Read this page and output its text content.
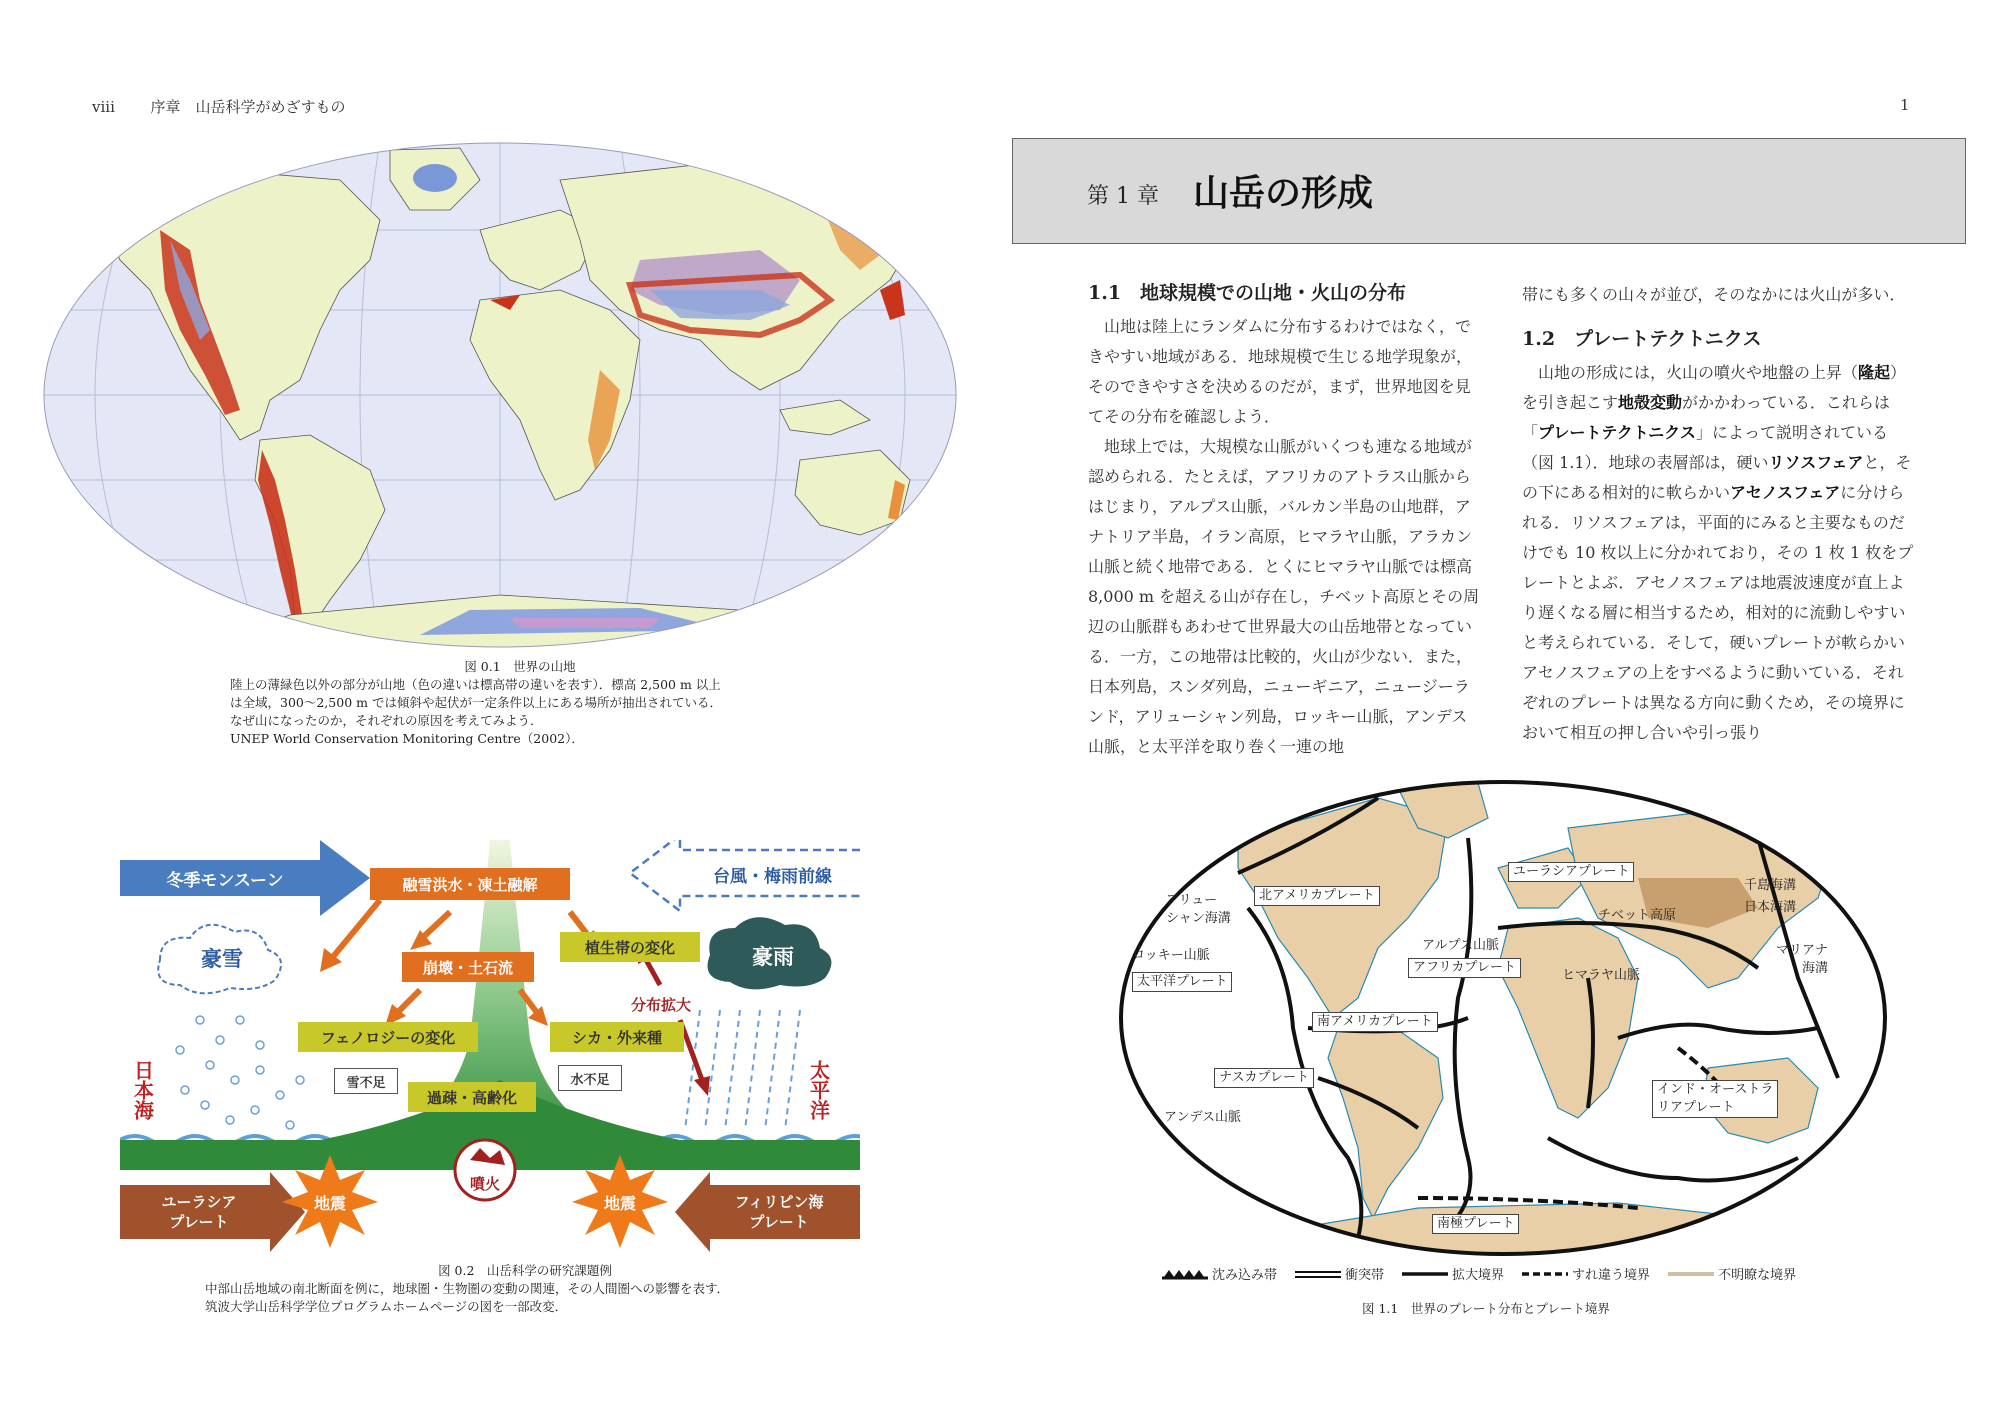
viii 序章　山岳科学がめざすもの
図 0.1　世界の山地
陸上の薄緑色以外の部分が山地（色の違いは標高帯の違いを表す）．標高 2,500 m 以上
は全域，300～2,500 m では傾斜や起伏が一定条件以上にある場所が抽出されている．
なぜ山になったのか，それぞれの原因を考えてみよう．
UNEP World Conservation Monitoring Centre（2002）．
冬季モンスーン	台風・梅雨前線
融雪洪水・凍土融解
豪雪	豪雨
植生帯の変化
崩壊・土石流
分布拡大
フェノロジーの変化	シカ・外来種
雪不足	水不足
過疎・高齢化
日本海	太平洋
噴火
地震	地震
ユーラシア
プレート
フィリピン海
プレート
図 0.2　山岳科学の研究課題例
中部山岳地域の南北断面を例に，地球圏・生物圏の変動の関連，その人間圏への影響を表す．
筑波大学山岳科学学位プログラムホームページの図を一部改変．
1
第 1 章 山岳の形成

1.1　地球規模での山地・火山の分布

山地は陸上にランダムに分布するわけではなく，できやすい地域がある．地球規模で生じる地学現象が，そのできやすさを決めるのだが，まず，世界地図を見てその分布を確認しよう．

地球上では，大規模な山脈がいくつも連なる地域が認められる．たとえば，アフリカのアトラス山脈からはじまり，アルプス山脈，バルカン半島の山地群，アナトリア半島，イラン高原，ヒマラヤ山脈，アラカン山脈と続く地帯である．とくにヒマラヤ山脈では標高 8,000 m を超える山が存在し，チベット高原とその周辺の山脈群もあわせて世界最大の山岳地帯となっている．一方，この地帯は比較的，火山が少ない．また，日本列島，スンダ列島，ニューギニア，ニュージーランド，アリューシャン列島，ロッキー山脈，アンデス山脈，と太平洋を取り巻く一連の地

帯にも多くの山々が並び，そのなかには火山が多い．

1.2　プレートテクトニクス

山地の形成には，火山の噴火や地盤の上昇（隆起）を引き起こす地殻変動がかかわっている．これらは「プレートテクトニクス」によって説明されている（図 1.1）．地球の表層部は，硬いリソスフェアと，その下にある相対的に軟らかいアセノスフェアに分けられる．リソスフェアは，平面的にみると主要なものだけでも 10 枚以上に分かれており，その 1 枚 1 枚をプレートとよぶ．アセノスフェアは地震波速度が直上より遅くなる層に相当するため，相対的に流動しやすいと考えられている．そして，硬いプレートが軟らかいアセノスフェアの上をすべるように動いている．それぞれのプレートは異なる方向に動くため，その境界において相互の押し合いや引っ張り

ユーラシアプレート
北アメリカプレート
アリュー
シャン海溝
ロッキー山脈
太平洋プレート
アルプス山脈
アフリカプレート
チベット高原
ヒマラヤ山脈
千島海溝
日本海溝
マリアナ
海溝
南アメリカプレート
ナスカプレート
アンデス山脈
インド・オーストラ
リアプレート
南極プレート
沈み込み帯	衝突帯	拡大境界	すれ違う境界	不明瞭な境界
図 1.1　世界のプレート分布とプレート境界
